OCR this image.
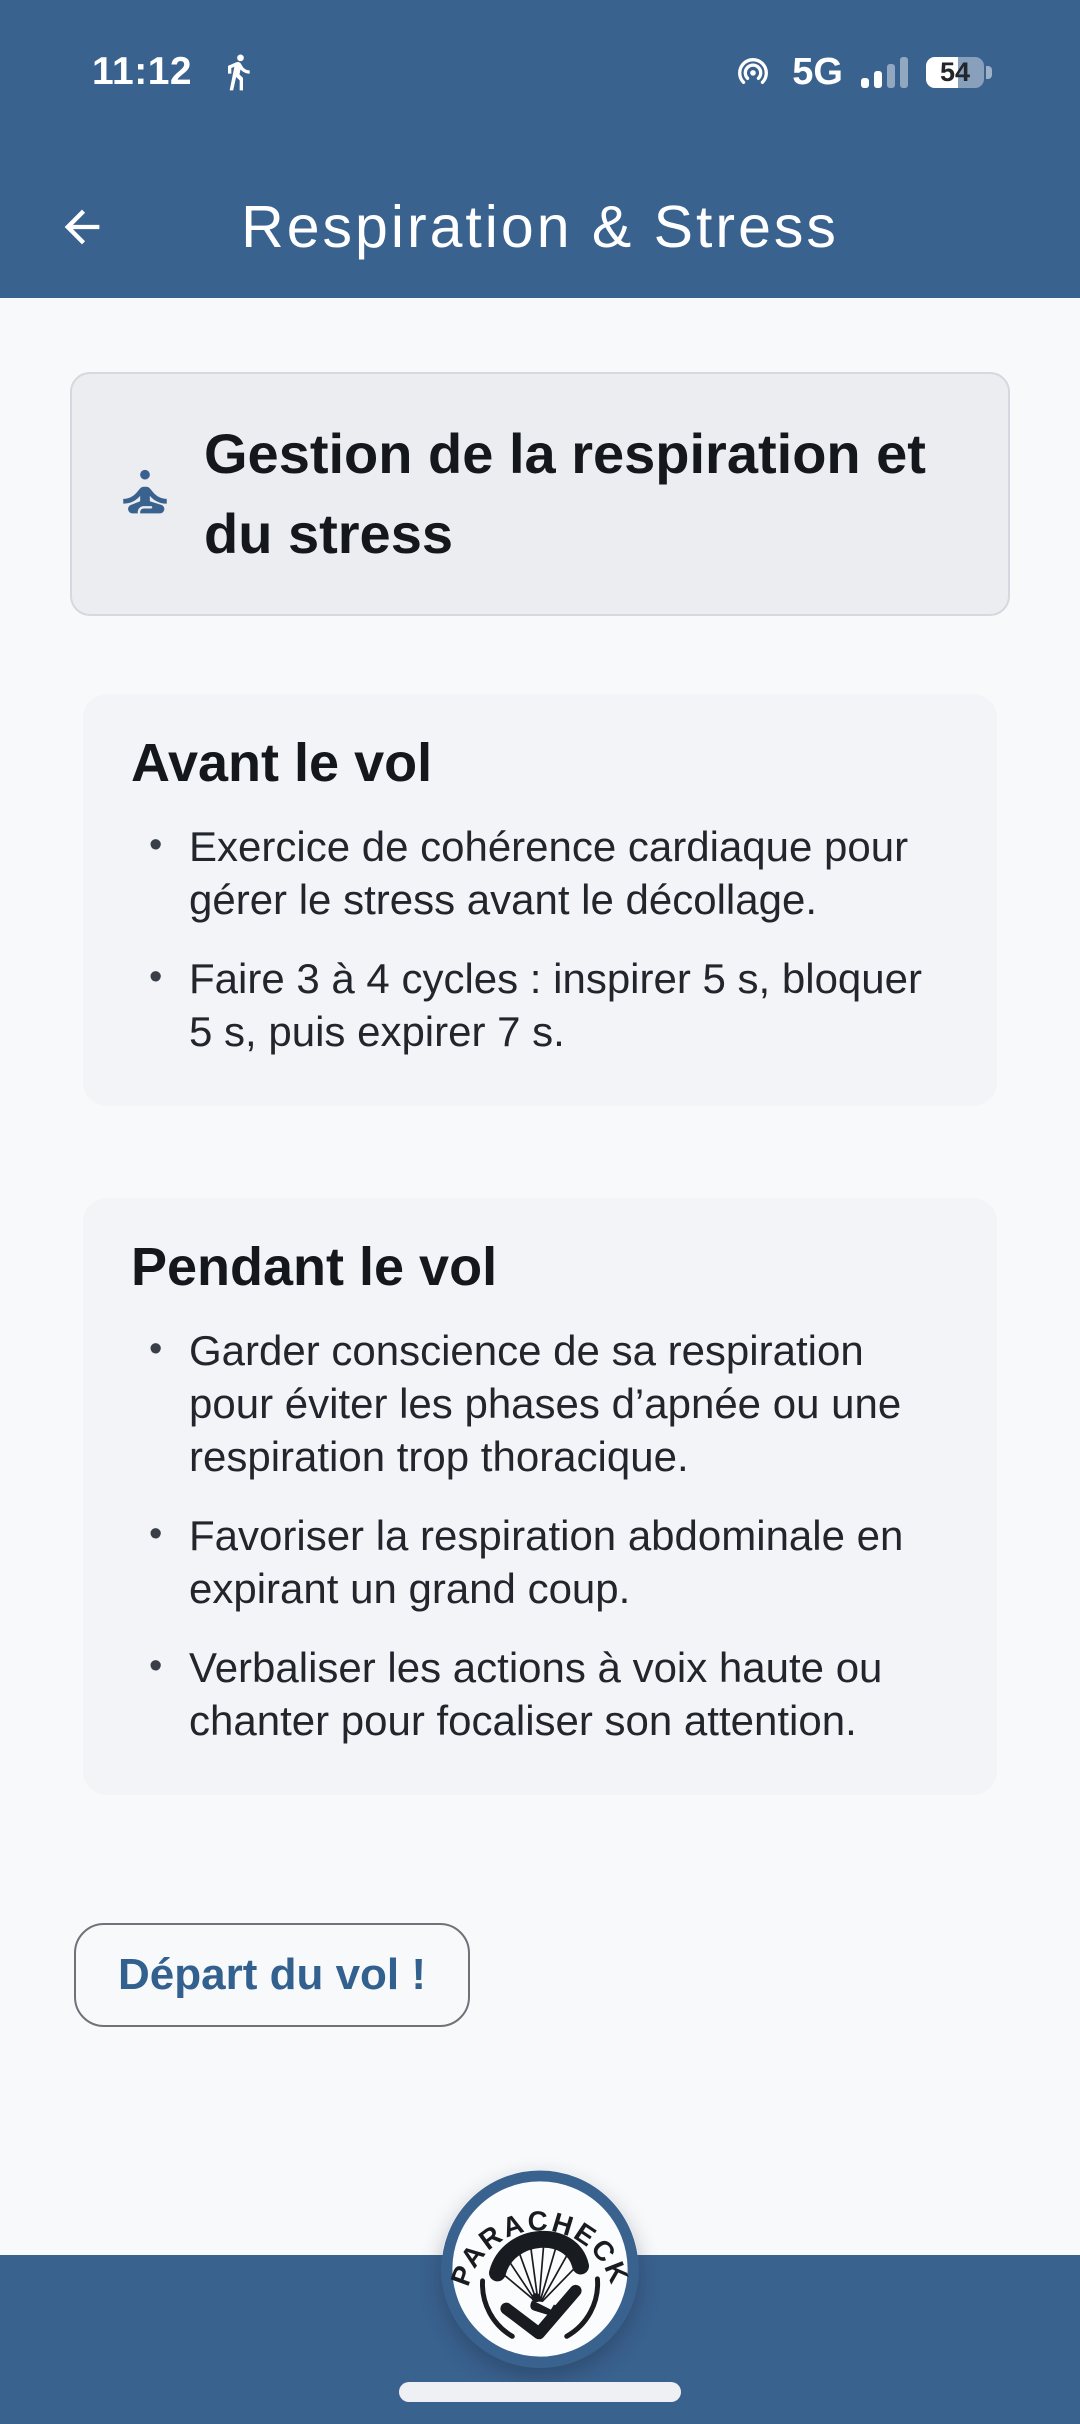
11:12	5G	54
Respiration & Stress
Gestion de la respiration et
du stress
Avant le vol
• Exercice de cohérence cardiaque pour gérer le stress avant le décollage.
• Faire 3 à 4 cycles : inspirer 5 s, bloquer 5 s, puis expirer 7 s.
Pendant le vol
• Garder conscience de sa respiration pour éviter les phases d’apnée ou une respiration trop thoracique.
• Favoriser la respiration abdominale en expirant un grand coup.
• Verbaliser les actions à voix haute ou chanter pour focaliser son attention.
Départ du vol !
PARACHECK
